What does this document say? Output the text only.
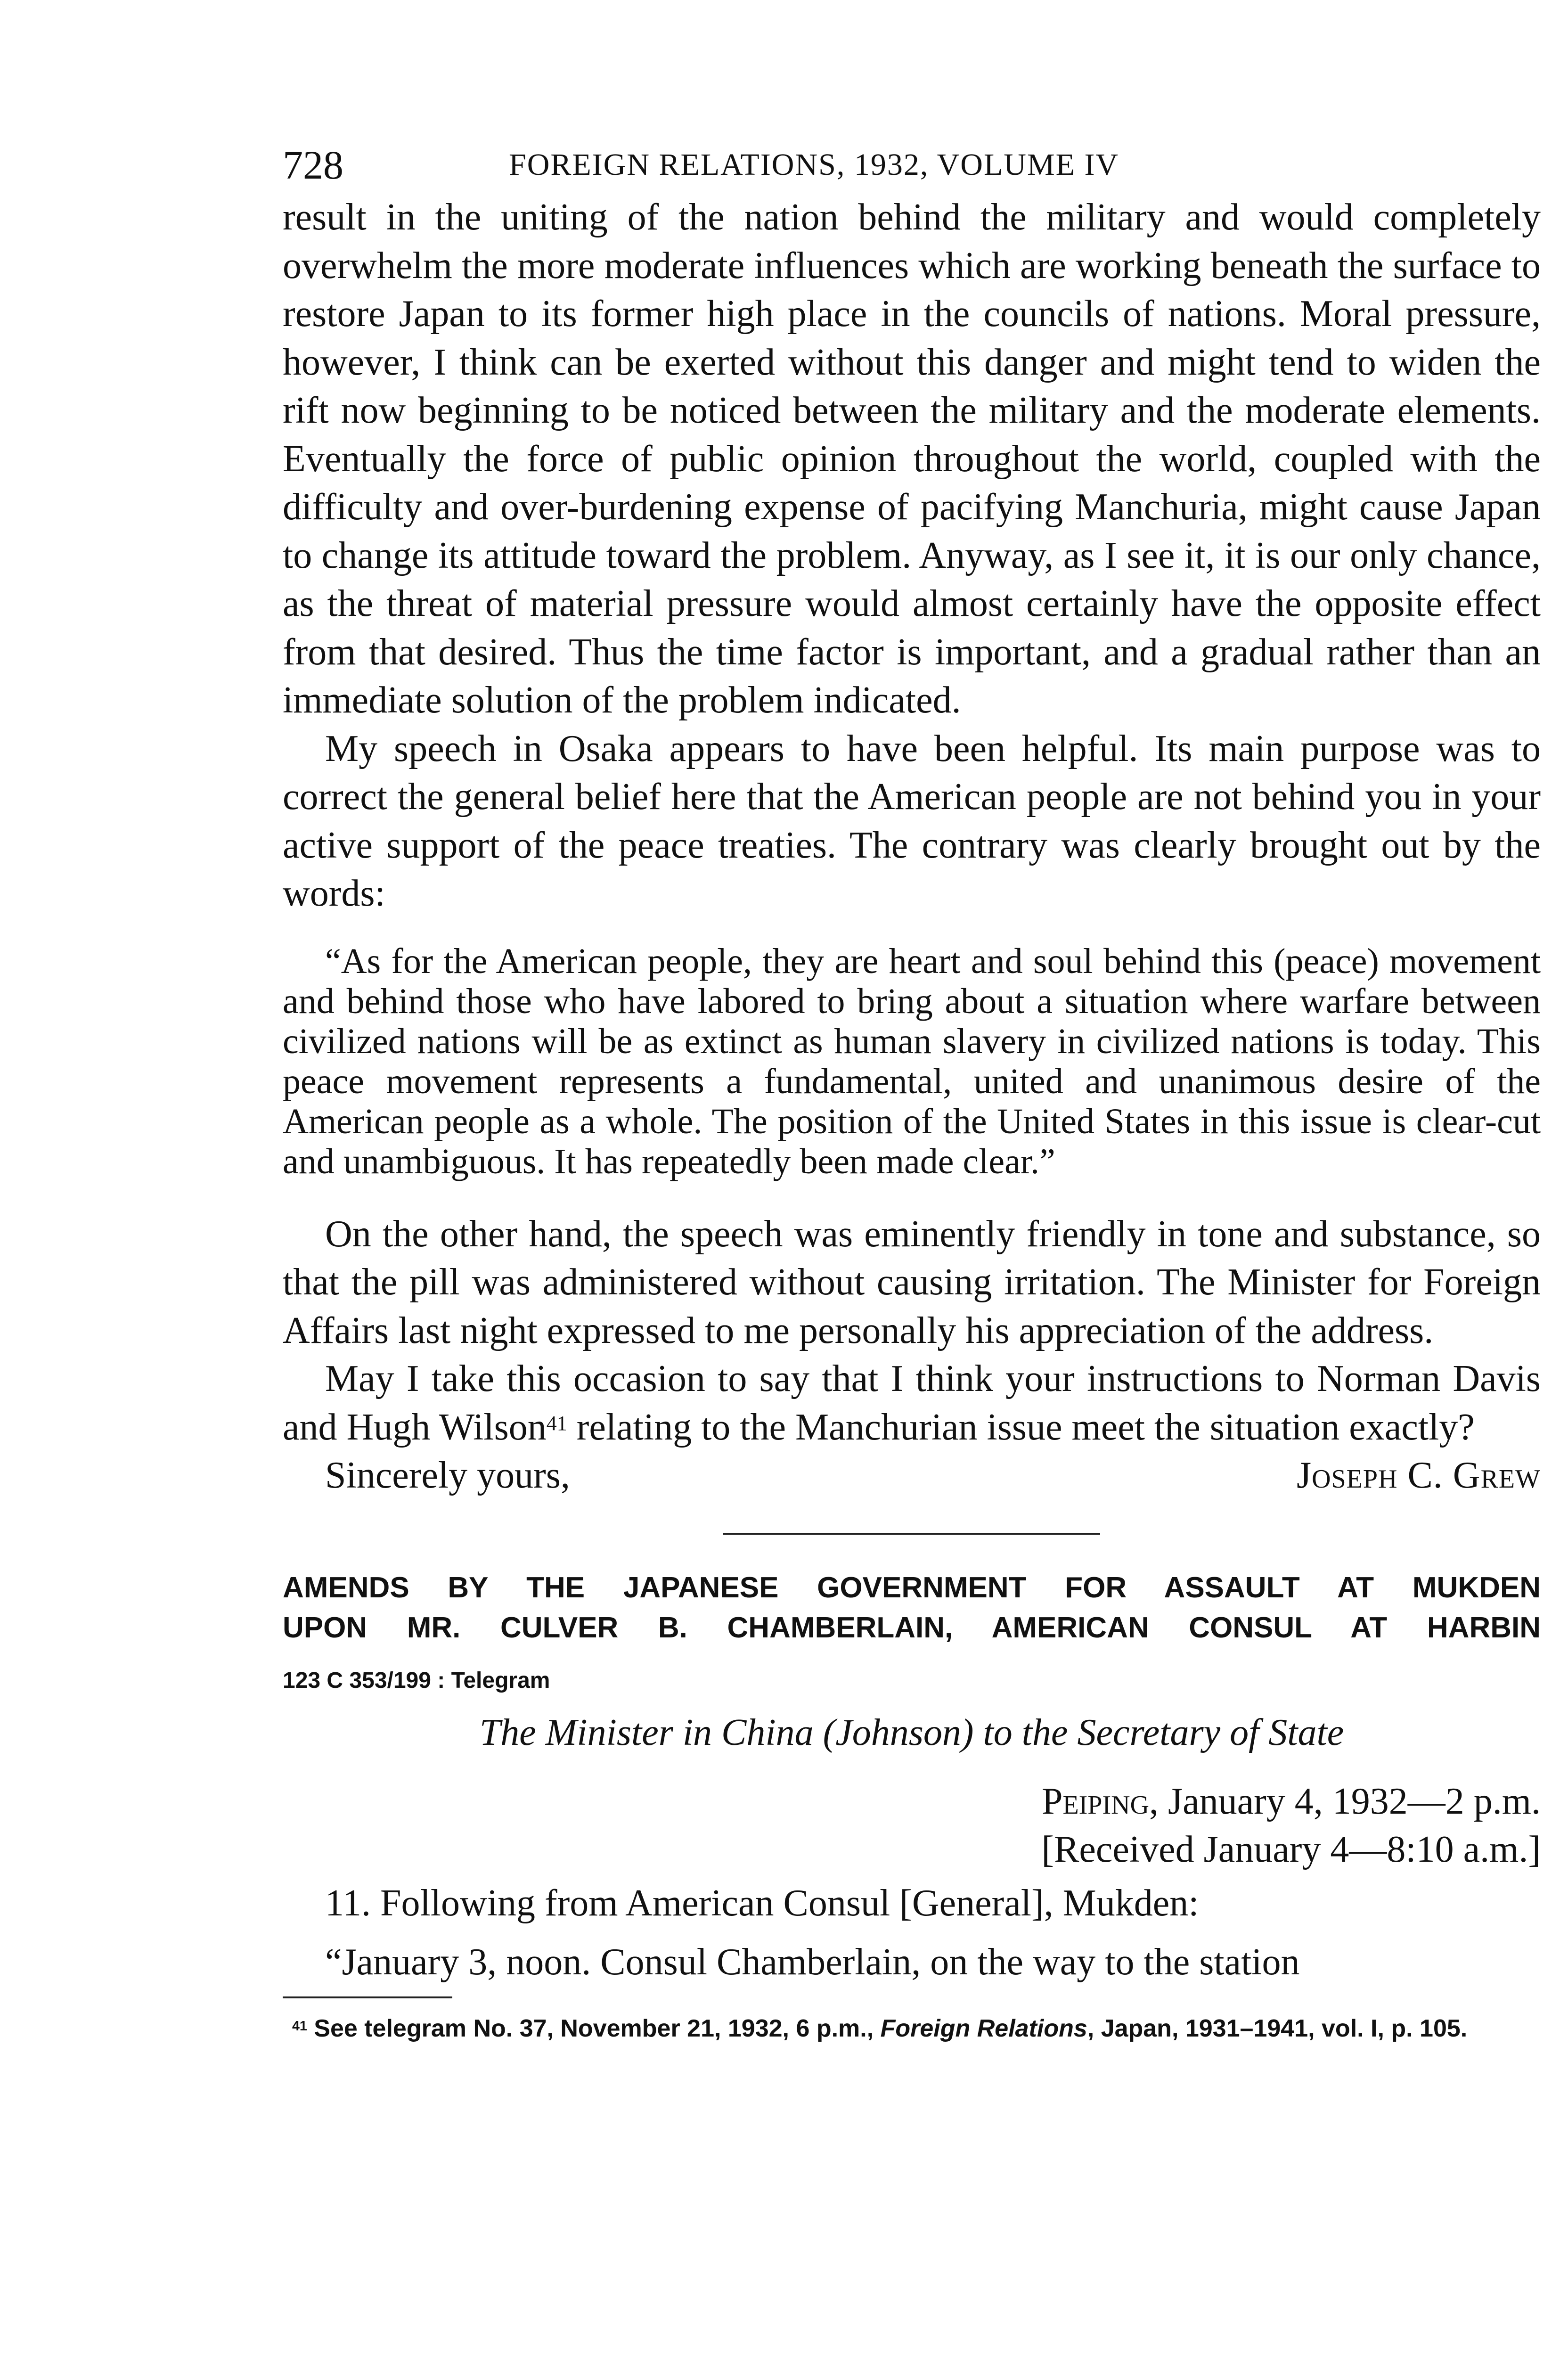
728	FOREIGN RELATIONS, 1932, VOLUME IV

result in the uniting of the nation behind the military and would completely overwhelm the more moderate influences which are working beneath the surface to restore Japan to its former high place in the councils of nations. Moral pressure, however, I think can be exerted without this danger and might tend to widen the rift now beginning to be noticed between the military and the moderate elements. Eventually the force of public opinion throughout the world, coupled with the difficulty and over-burdening expense of pacifying Manchuria, might cause Japan to change its attitude toward the problem. Anyway, as I see it, it is our only chance, as the threat of material pressure would almost certainly have the opposite effect from that desired. Thus the time factor is important, and a gradual rather than an immediate solution of the problem indicated.

My speech in Osaka appears to have been helpful. Its main purpose was to correct the general belief here that the American people are not behind you in your active support of the peace treaties. The contrary was clearly brought out by the words:

“As for the American people, they are heart and soul behind this (peace) movement and behind those who have labored to bring about a situation where warfare between civilized nations will be as extinct as human slavery in civilized nations is today. This peace movement represents a fundamental, united and unanimous desire of the American people as a whole. The position of the United States in this issue is clear-cut and unambiguous. It has repeatedly been made clear.”

On the other hand, the speech was eminently friendly in tone and substance, so that the pill was administered without causing irritation. The Minister for Foreign Affairs last night expressed to me personally his appreciation of the address.

May I take this occasion to say that I think your instructions to Norman Davis and Hugh Wilson$^{41}$ relating to the Manchurian issue meet the situation exactly?

Sincerely yours,	Joseph C. Grew
AMENDS BY THE JAPANESE GOVERNMENT FOR ASSAULT AT MUKDEN
UPON MR. CULVER B. CHAMBERLAIN, AMERICAN CONSUL AT HARBIN
123 C 353/199 : Telegram
The Minister in China (Johnson) to the Secretary of State
Peiping, January 4, 1932—2 p.m.
[Received January 4—8:10 a.m.]

11. Following from American Consul [General], Mukden:

“January 3, noon. Consul Chamberlain, on the way to the station

$^{41}$ See telegram No. 37, November 21, 1932, 6 p.m., Foreign Relations, Japan, 1931–1941, vol. I, p. 105.
